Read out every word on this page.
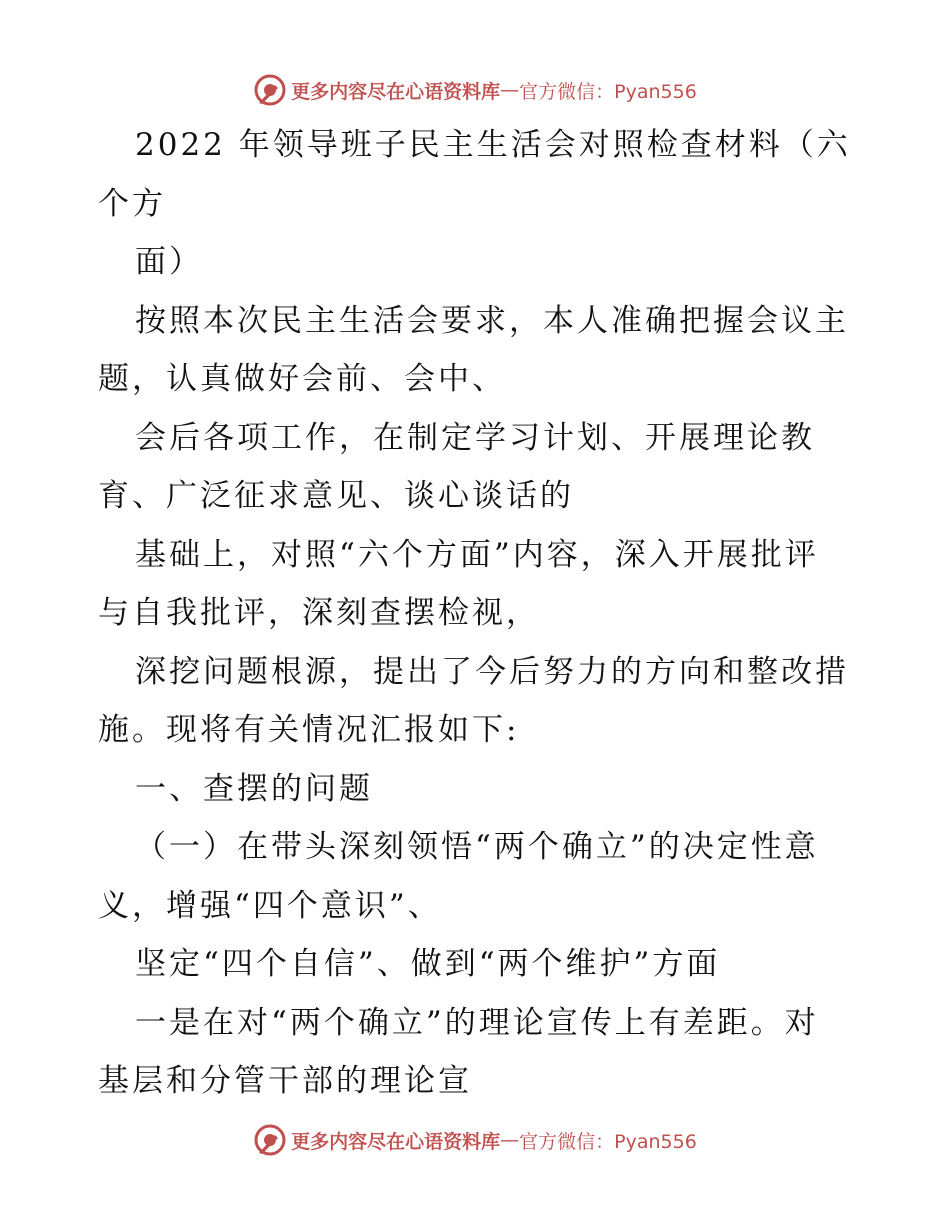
更多内容尽在心语资料库 — 官方微信：Pyan556
2022 年领导班子民主生活会对照检查材料（六
个方
面）
按照本次民主生活会要求，本人准确把握会议主
题，认真做好会前、会中、
会后各项工作，在制定学习计划、开展理论教
育、广泛征求意见、谈心谈话的
基础上，对照“六个方面”内容，深入开展批评
与自我批评，深刻查摆检视，
深挖问题根源，提出了今后努力的方向和整改措
施。现将有关情况汇报如下:
一、查摆的问题
（一）在带头深刻领悟“两个确立”的决定性意
义，增强“四个意识”、
坚定“四个自信”、做到“两个维护”方面
一是在对“两个确立”的理论宣传上有差距。对
基层和分管干部的理论宣
更多内容尽在心语资料库 — 官方微信：Pyan556
